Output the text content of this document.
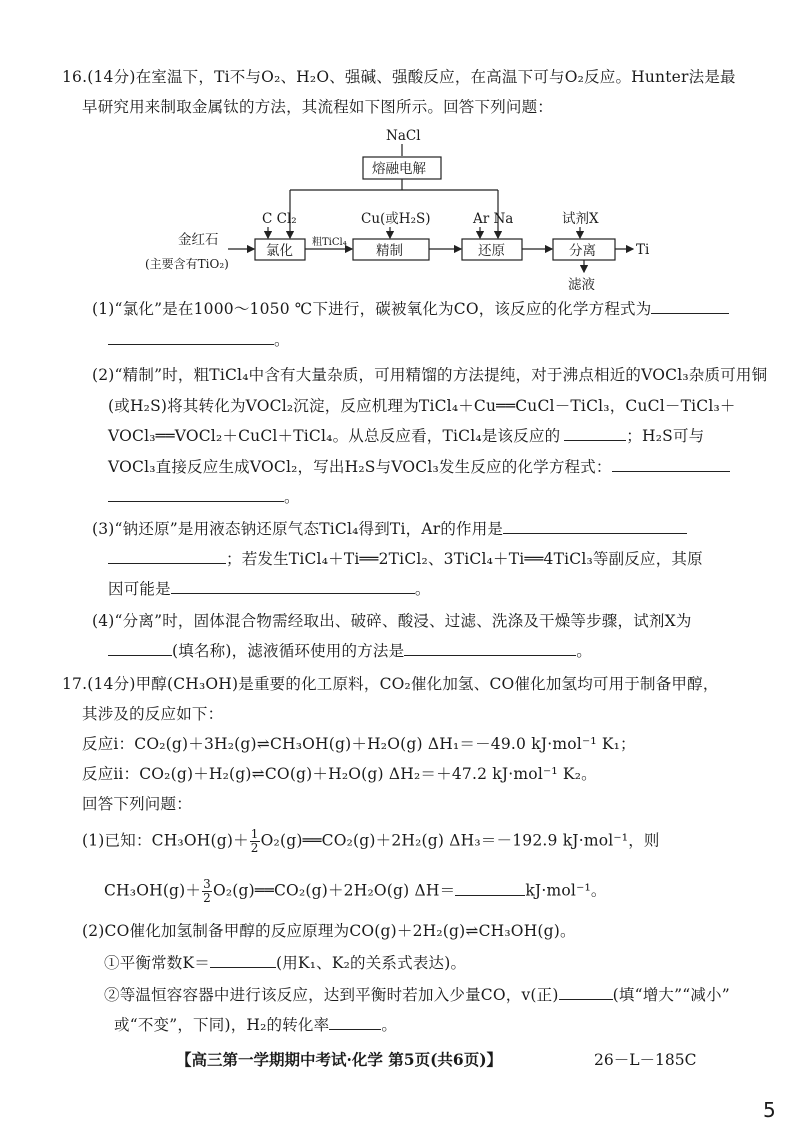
16.(14分)在室温下，Ti不与O₂、H₂O、强碱、强酸反应，在高温下可与O₂反应。Hunter法是最
早研究用来制取金属钛的方法，其流程如下图所示。回答下列问题：
NaCl
熔融电解
金红石
(主要含有TiO₂)
C Cl₂
氯化
粗TiCl₄
Cu(或H₂S)
精制
Ar Na
还原
试剂X
分离	Ti
滤液
(1)“氯化”是在1000～1050 ℃下进行，碳被氧化为CO，该反应的化学方程式为
。
(2)“精制”时，粗TiCl₄中含有大量杂质，可用精馏的方法提纯，对于沸点相近的VOCl₃杂质可用铜
(或H₂S)将其转化为VOCl₂沉淀，反应机理为TiCl₄＋Cu══CuCl－TiCl₃，CuCl－TiCl₃＋
VOCl₃══VOCl₂＋CuCl＋TiCl₄。从总反应看，TiCl₄是该反应的	；H₂S可与
VOCl₃直接反应生成VOCl₂，写出H₂S与VOCl₃发生反应的化学方程式：
。
(3)“钠还原”是用液态钠还原气态TiCl₄得到Ti，Ar的作用是
；若发生TiCl₄＋Ti══2TiCl₂、3TiCl₄＋Ti══4TiCl₃等副反应，其原
因可能是	。
(4)“分离”时，固体混合物需经取出、破碎、酸浸、过滤、洗涤及干燥等步骤，试剂X为
(填名称)，滤液循环使用的方法是	。
17.(14分)甲醇(CH₃OH)是重要的化工原料，CO₂催化加氢、CO催化加氢均可用于制备甲醇，
其涉及的反应如下：
反应ⅰ：CO₂(g)＋3H₂(g)⇌CH₃OH(g)＋H₂O(g) ΔH₁＝－49.0 kJ·mol⁻¹ K₁；
反应ⅱ：CO₂(g)＋H₂(g)⇌CO(g)＋H₂O(g) ΔH₂＝＋47.2 kJ·mol⁻¹ K₂。
回答下列问题：
(1)已知：$CH_3OH(g)+ \frac{1}{2}$ O₂(g)══CO₂(g)＋2H₂(g) ΔH₃＝－192.9 kJ·mol⁻¹，则
$CH_3OH(g)+ \frac{3}{2}$ O₂(g)══CO₂(g)＋2H₂O(g) ΔH＝	kJ·mol⁻¹。
(2)CO催化加氢制备甲醇的反应原理为CO(g)＋2H₂(g)⇌CH₃OH(g)。
①平衡常数K＝	(用K₁、K₂的关系式表达)。
②等温恒容容器中进行该反应，达到平衡时若加入少量CO，v(正)	(填“增大”“减小”
或“不变”，下同)，H₂的转化率	。
【高三第一学期期中考试·化学 第5页(共6页)】	26－L－185C
5
